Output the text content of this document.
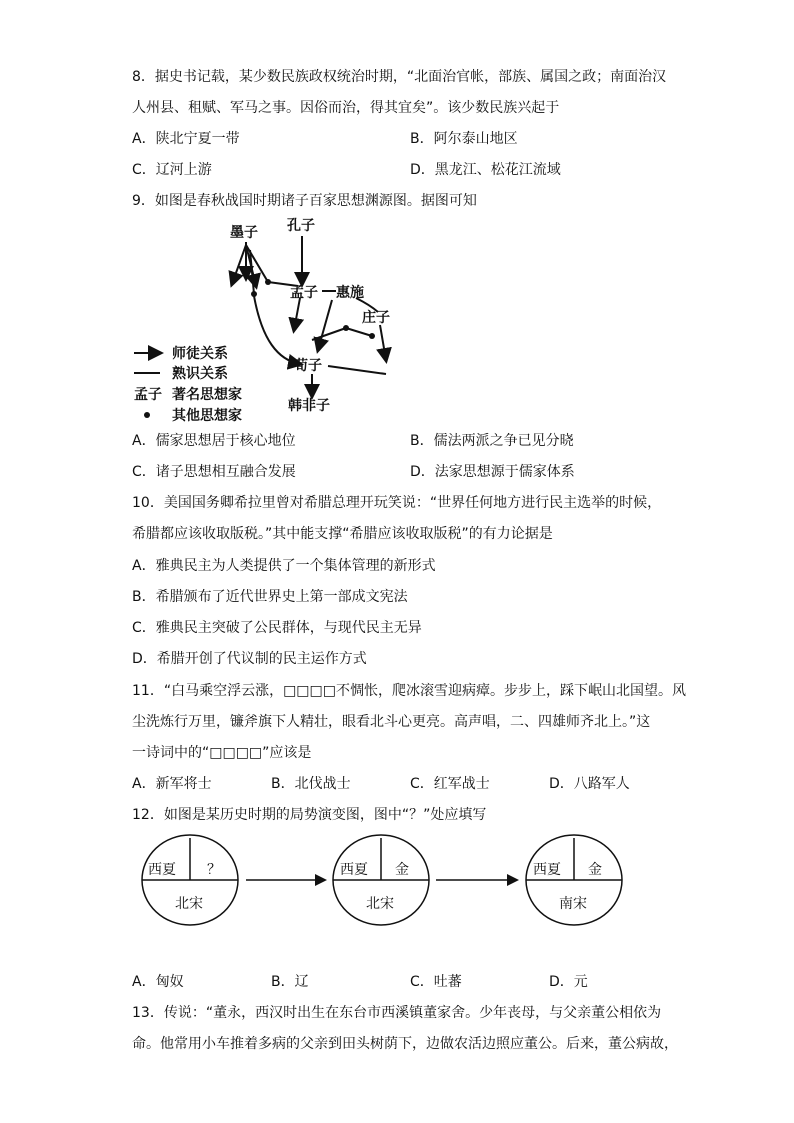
8．据史书记载，某少数民族政权统治时期，“北面治官帐，部族、属国之政；南面治汉
人州县、租赋、军马之事。因俗而治，得其宜矣”。该少数民族兴起于
A．陕北宁夏一带	B．阿尔泰山地区
C．辽河上游	D．黑龙江、松花江流域
9．如图是春秋战国时期诸子百家思想渊源图。据图可知
墨子 孔子
孟子 惠施
庄子
荀子
韩非子
师徒关系
熟识关系
孟子 著名思想家
其他思想家
西夏 ？
北宋
西夏 金
北宋
西夏 金
南宋
A．儒家思想居于核心地位	B．儒法两派之争已见分晓
C．诸子思想相互融合发展	D．法家思想源于儒家体系
10．美国国务卿希拉里曾对希腊总理开玩笑说：“世界任何地方进行民主选举的时候，
希腊都应该收取版税。”其中能支撑“希腊应该收取版税”的有力论据是
A．雅典民主为人类提供了一个集体管理的新形式
B．希腊颁布了近代世界史上第一部成文宪法
C．雅典民主突破了公民群体，与现代民主无异
D．希腊开创了代议制的民主运作方式
11．“白马乘空浮云涨，□□□□不惆怅，爬冰滚雪迎病瘴。步步上，踩下岷山北国望。风
尘洗炼行万里，镰斧旗下人精壮，眼看北斗心更亮。高声唱，二、四雄师齐北上。”这
一诗词中的“□□□□”应该是
A．新军将士	B．北伐战士	C．红军战士	D．八路军人
12．如图是某历史时期的局势演变图，图中“？”处应填写
A．匈奴	B．辽	C．吐蕃	D．元
13．传说：“董永，西汉时出生在东台市西溪镇董家舍。少年丧母，与父亲董公相依为
命。他常用小车推着多病的父亲到田头树荫下，边做农活边照应董公。后来，董公病故，
